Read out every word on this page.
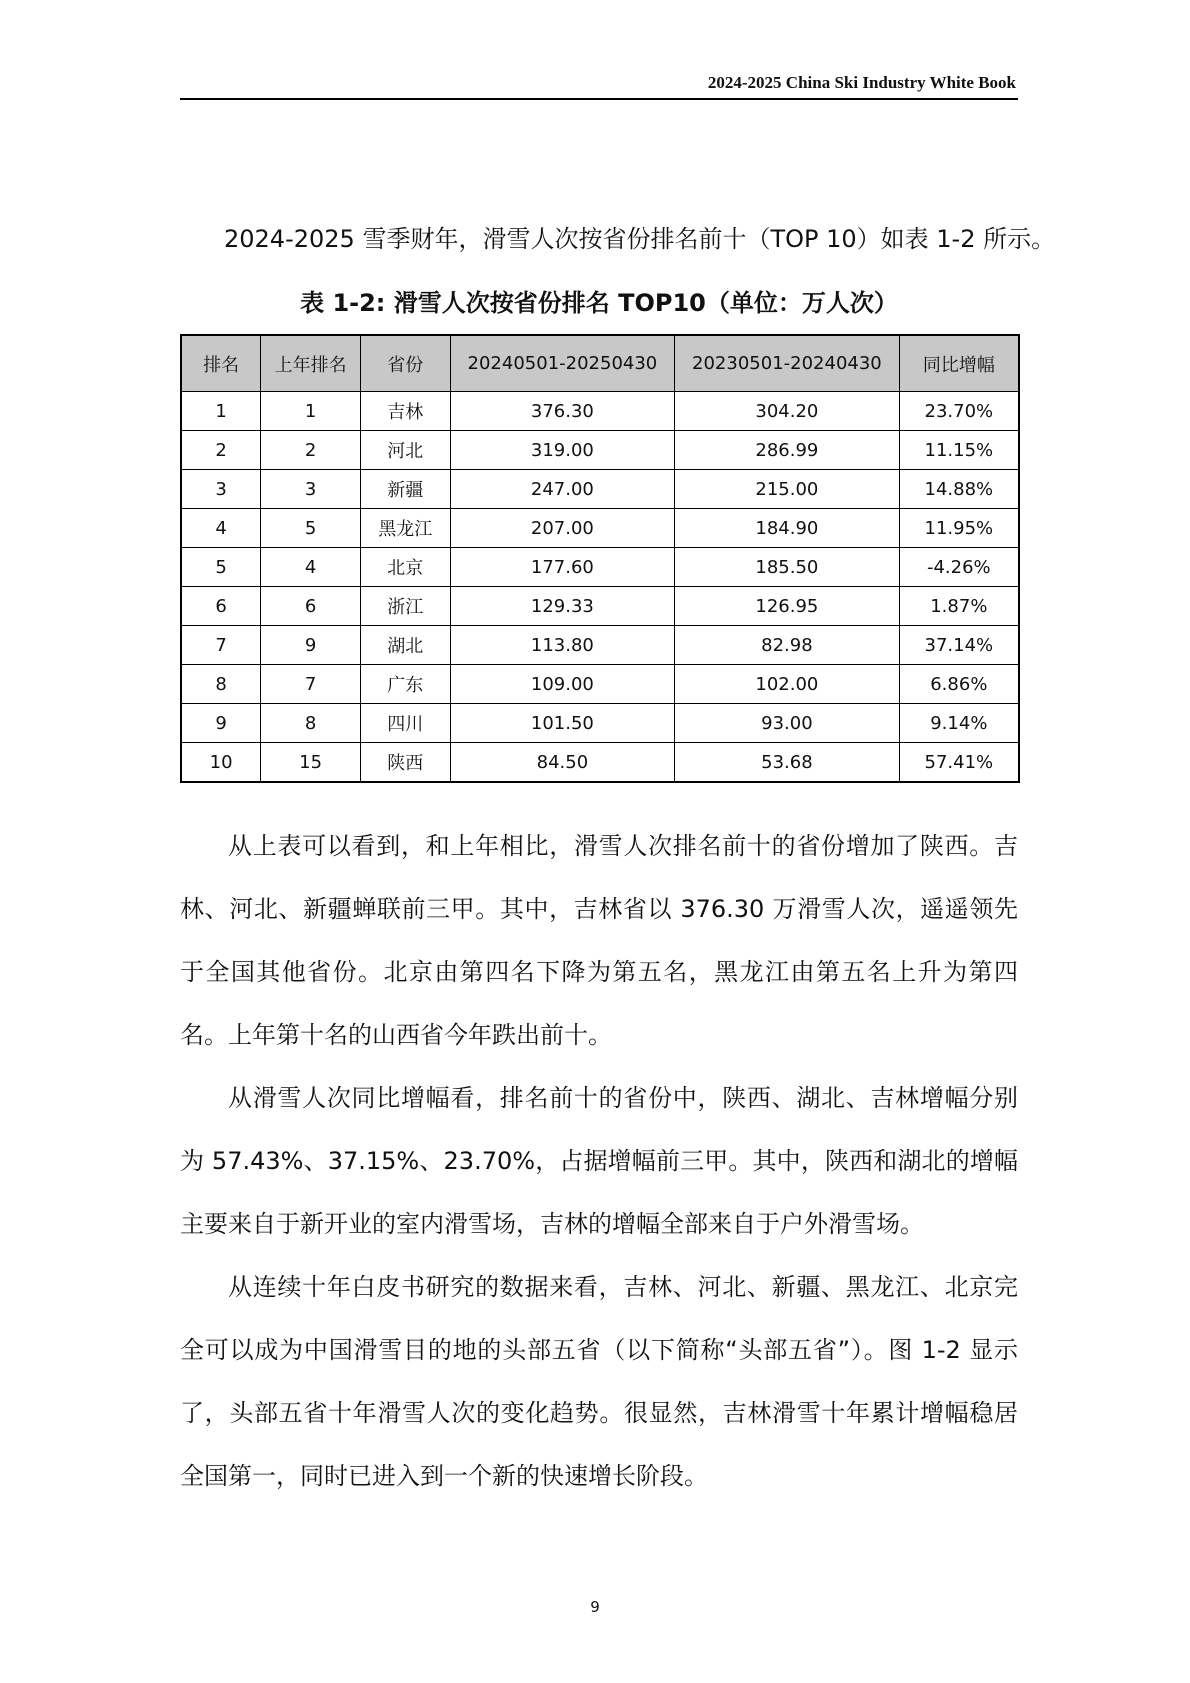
2024-2025 China Ski Industry White Book
2024-2025 雪季财年，滑雪人次按省份排名前十（TOP 10）如表 1-2 所示。
表 1-2: 滑雪人次按省份排名 TOP10（单位：万人次）
排名	上年排名	省份	20240501-20250430	20230501-20240430	同比增幅
1	1	吉林	376.30	304.20	23.70%
2	2	河北	319.00	286.99	11.15%
3	3	新疆	247.00	215.00	14.88%
4	5	黑龙江	207.00	184.90	11.95%
5	4	北京	177.60	185.50	-4.26%
6	6	浙江	129.33	126.95	1.87%
7	9	湖北	113.80	82.98	37.14%
8	7	广东	109.00	102.00	6.86%
9	8	四川	101.50	93.00	9.14%
10	15	陕西	84.50	53.68	57.41%

从上表可以看到，和上年相比，滑雪人次排名前十的省份增加了陕西。吉林、河北、新疆蝉联前三甲。其中，吉林省以 376.30 万滑雪人次，遥遥领先于全国其他省份。北京由第四名下降为第五名，黑龙江由第五名上升为第四名。上年第十名的山西省今年跌出前十。

从滑雪人次同比增幅看，排名前十的省份中，陕西、湖北、吉林增幅分别为 57.43%、37.15%、23.70%，占据增幅前三甲。其中，陕西和湖北的增幅主要来自于新开业的室内滑雪场，吉林的增幅全部来自于户外滑雪场。

从连续十年白皮书研究的数据来看，吉林、河北、新疆、黑龙江、北京完全可以成为中国滑雪目的地的头部五省（以下简称“头部五省”）。图 1-2 显示了，头部五省十年滑雪人次的变化趋势。很显然，吉林滑雪十年累计增幅稳居全国第一，同时已进入到一个新的快速增长阶段。

9
